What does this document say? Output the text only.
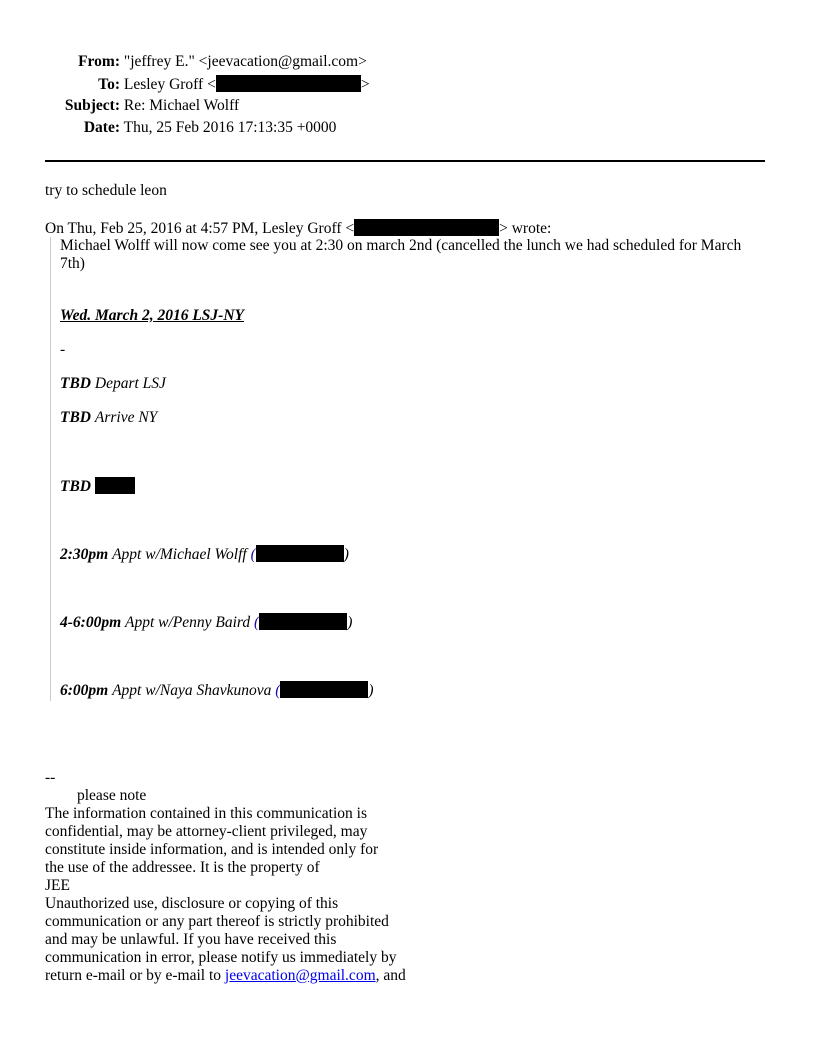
From: "jeffrey E." <jeevacation@gmail.com>
To: Lesley Groff <	>
Subject: Re: Michael Wolff
Date: Thu, 25 Feb 2016 17:13:35 +0000
try to schedule leon
On Thu, Feb 25, 2016 at 4:57 PM, Lesley Groff <	> wrote:
Michael Wolff will now come see you at 2:30 on march 2nd (cancelled the lunch we had scheduled for March
7th)
Wed. March 2, 2016 LSJ-NY
-
TBD Depart LSJ
TBD Arrive NY
TBD
2:30pm Appt w/Michael Wolff (	)
4-6:00pm Appt w/Penny Baird (	)
6:00pm Appt w/Naya Shavkunova (	)
--
please note
The information contained in this communication is
confidential, may be attorney-client privileged, may
constitute inside information, and is intended only for
the use of the addressee. It is the property of
JEE
Unauthorized use, disclosure or copying of this
communication or any part thereof is strictly prohibited
and may be unlawful. If you have received this
communication in error, please notify us immediately by
return e-mail or by e-mail to jeevacation@gmail.com, and
